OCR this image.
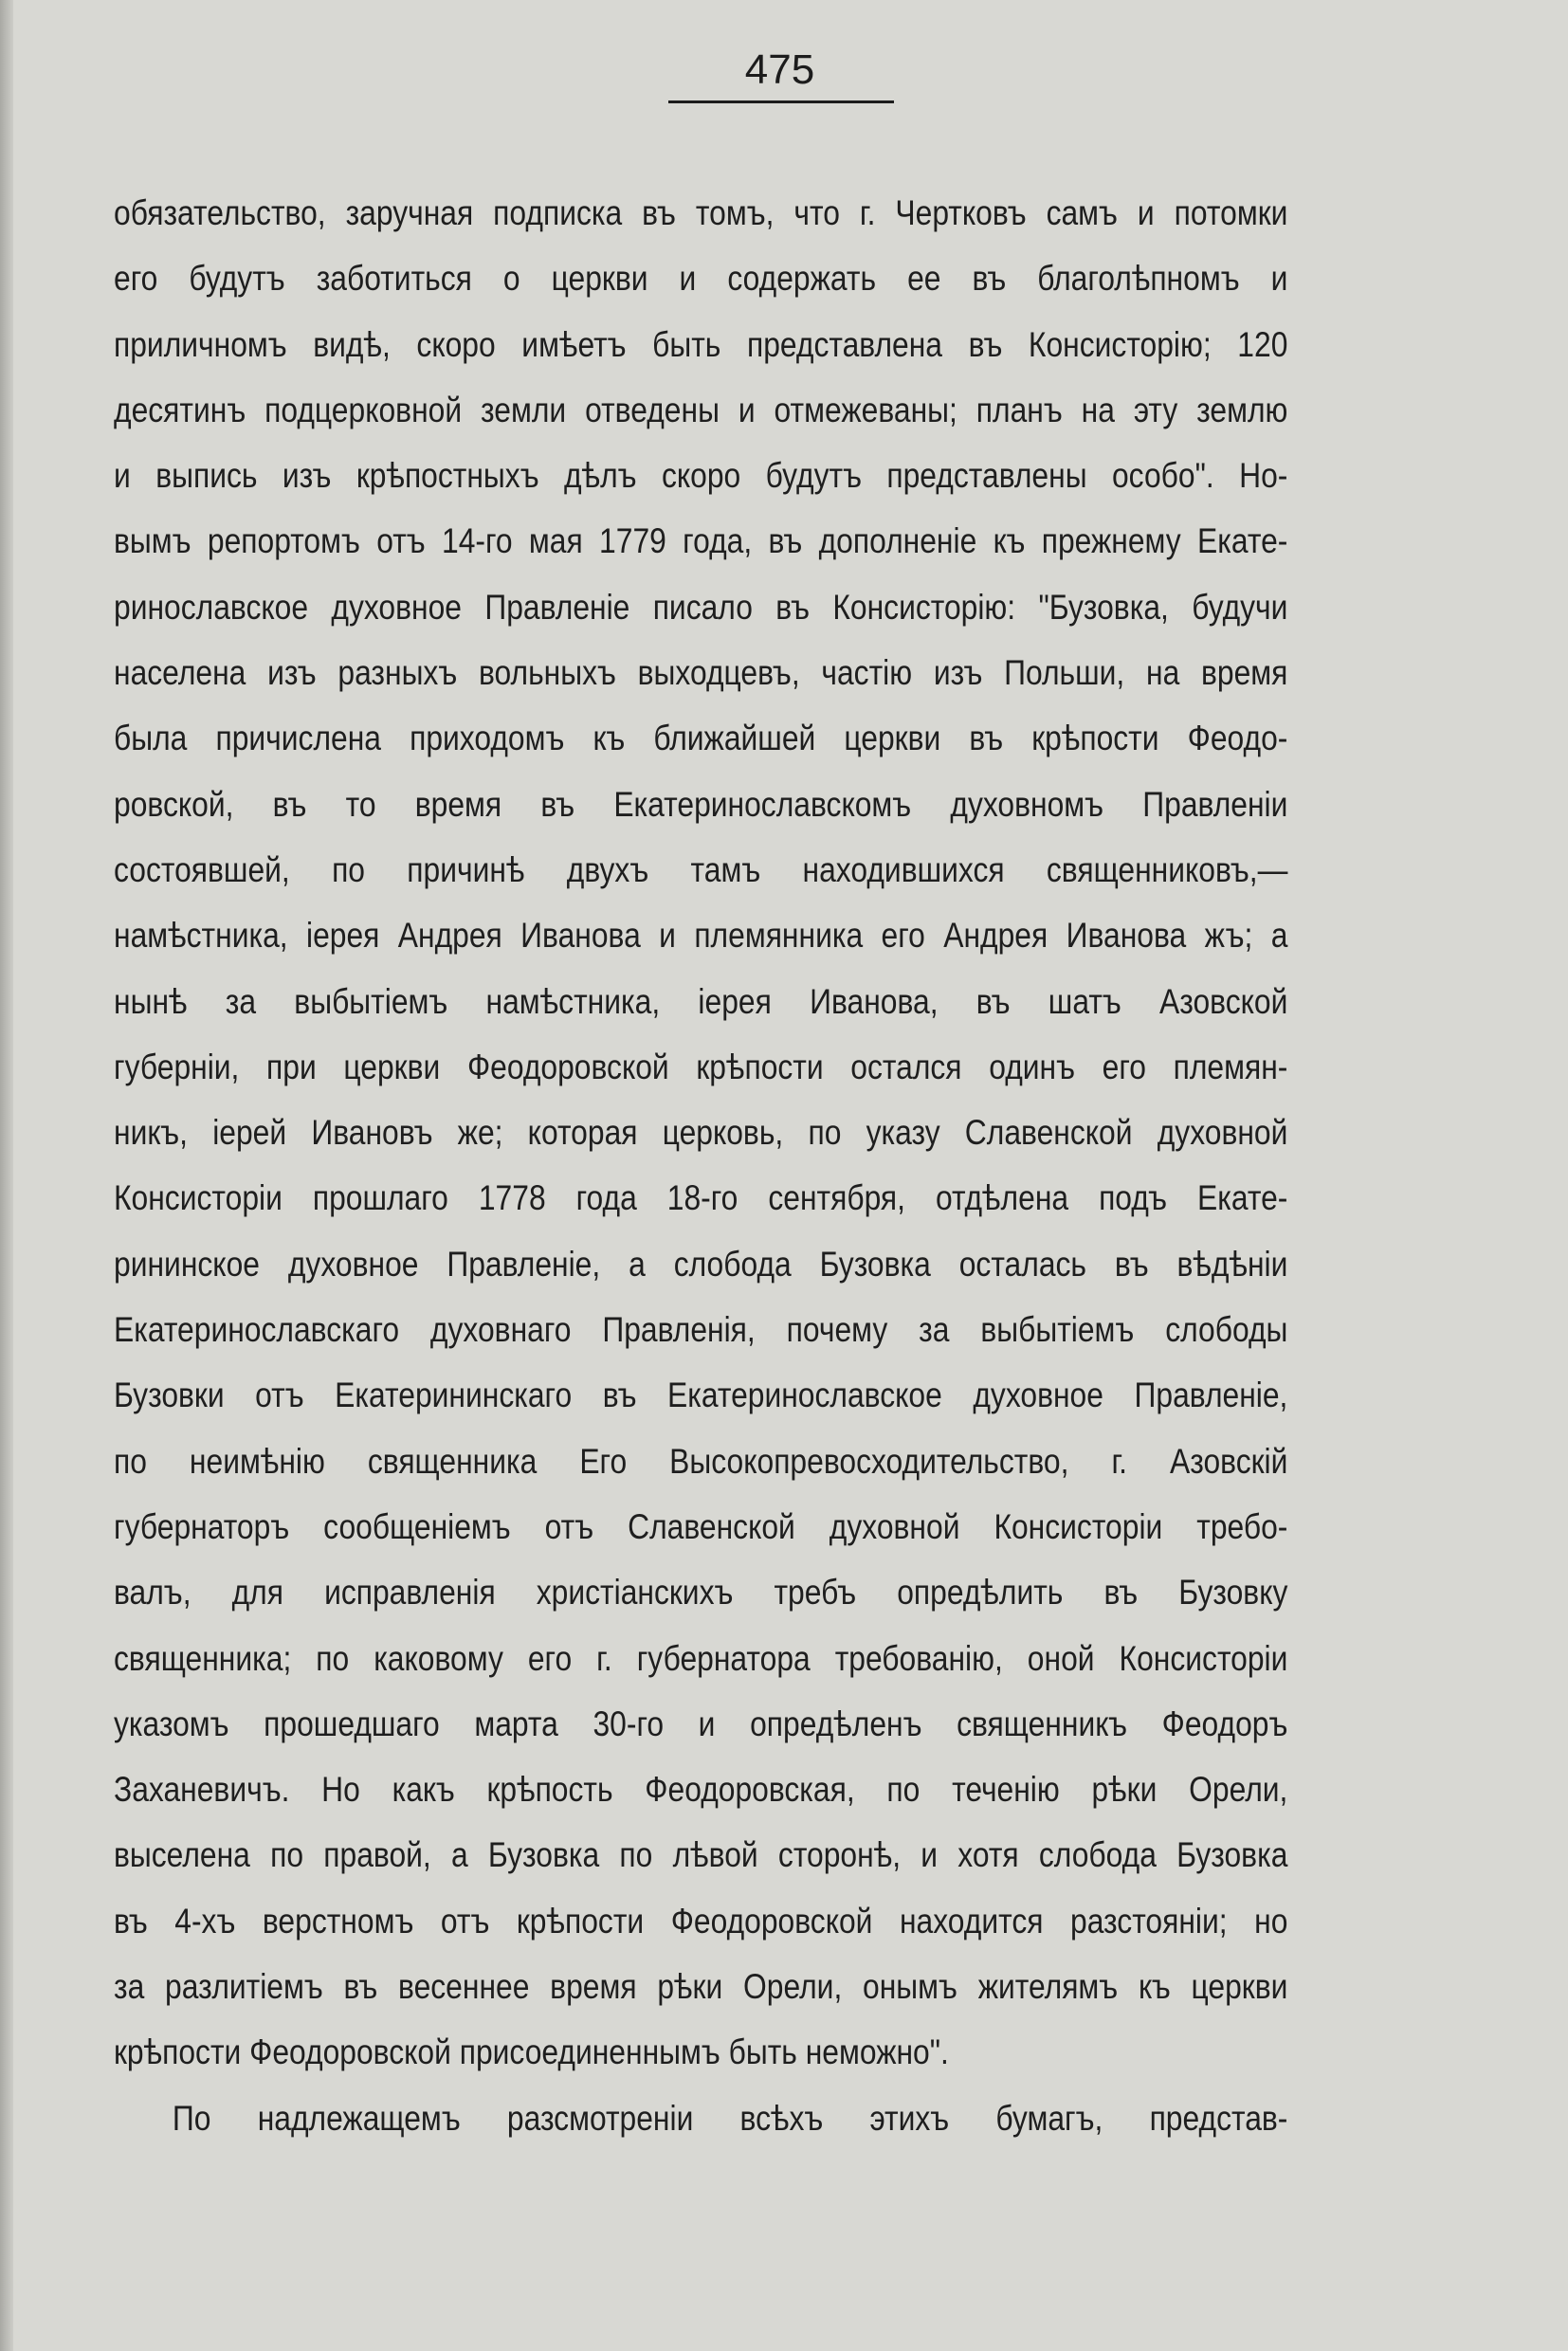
475
обязательство, заручная подписка въ томъ, что г. Чертковъ самъ и потомки
его будутъ заботиться о церкви и содержать ее въ благолѣпномъ и
приличномъ видѣ, скоро имѣетъ быть представлена въ Консисторію; 120
десятинъ подцерковной земли отведены и отмежеваны; планъ на эту землю
и выпись изъ крѣпостныхъ дѣлъ скоро будутъ представлены особо". Но-
вымъ репортомъ отъ 14-го мая 1779 года, въ дополненіе къ прежнему Екате-
ринославское духовное Правленіе писало въ Консисторію: "Бузовка, будучи
населена изъ разныхъ вольныхъ выходцевъ, частію изъ Польши, на время
была причислена приходомъ къ ближайшей церкви въ крѣпости Феодо-
ровской, въ то время въ Екатеринославскомъ духовномъ Правленіи
состоявшей, по причинѣ двухъ тамъ находившихся священниковъ,—
намѣстника, іерея Андрея Иванова и племянника его Андрея Иванова жъ; а
нынѣ за выбытіемъ намѣстника, іерея Иванова, въ шатъ Азовской
губерніи, при церкви Феодоровской крѣпости остался одинъ его племян-
никъ, іерей Ивановъ же; которая церковь, по указу Славенской духовной
Консисторіи прошлаго 1778 года 18-го сентября, отдѣлена подъ Екате-
рининское духовное Правленіе, а слобода Бузовка осталась въ вѣдѣніи
Екатеринославскаго духовнаго Правленія, почему за выбытіемъ слободы
Бузовки отъ Екатерининскаго въ Екатеринославское духовное Правленіе,
по неимѣнію священника Его Высокопревосходительство, г. Азовскій
губернаторъ сообщеніемъ отъ Славенской духовной Консисторіи требо-
валъ, для исправленія христіанскихъ требъ опредѣлить въ Бузовку
священника; по каковому его г. губернатора требованію, оной Консисторіи
указомъ прошедшаго марта 30-го и опредѣленъ священникъ Феодоръ
Заханевичъ. Но какъ крѣпость Феодоровская, по теченію рѣки Орели,
выселена по правой, а Бузовка по лѣвой сторонѣ, и хотя слобода Бузовка
въ 4-хъ верстномъ отъ крѣпости Феодоровской находится разстояніи; но
за разлитіемъ въ весеннее время рѣки Орели, онымъ жителямъ къ церкви
крѣпости Феодоровской присоединеннымъ быть неможно".
По надлежащемъ разсмотреніи всѣхъ этихъ бумагъ, представ-
